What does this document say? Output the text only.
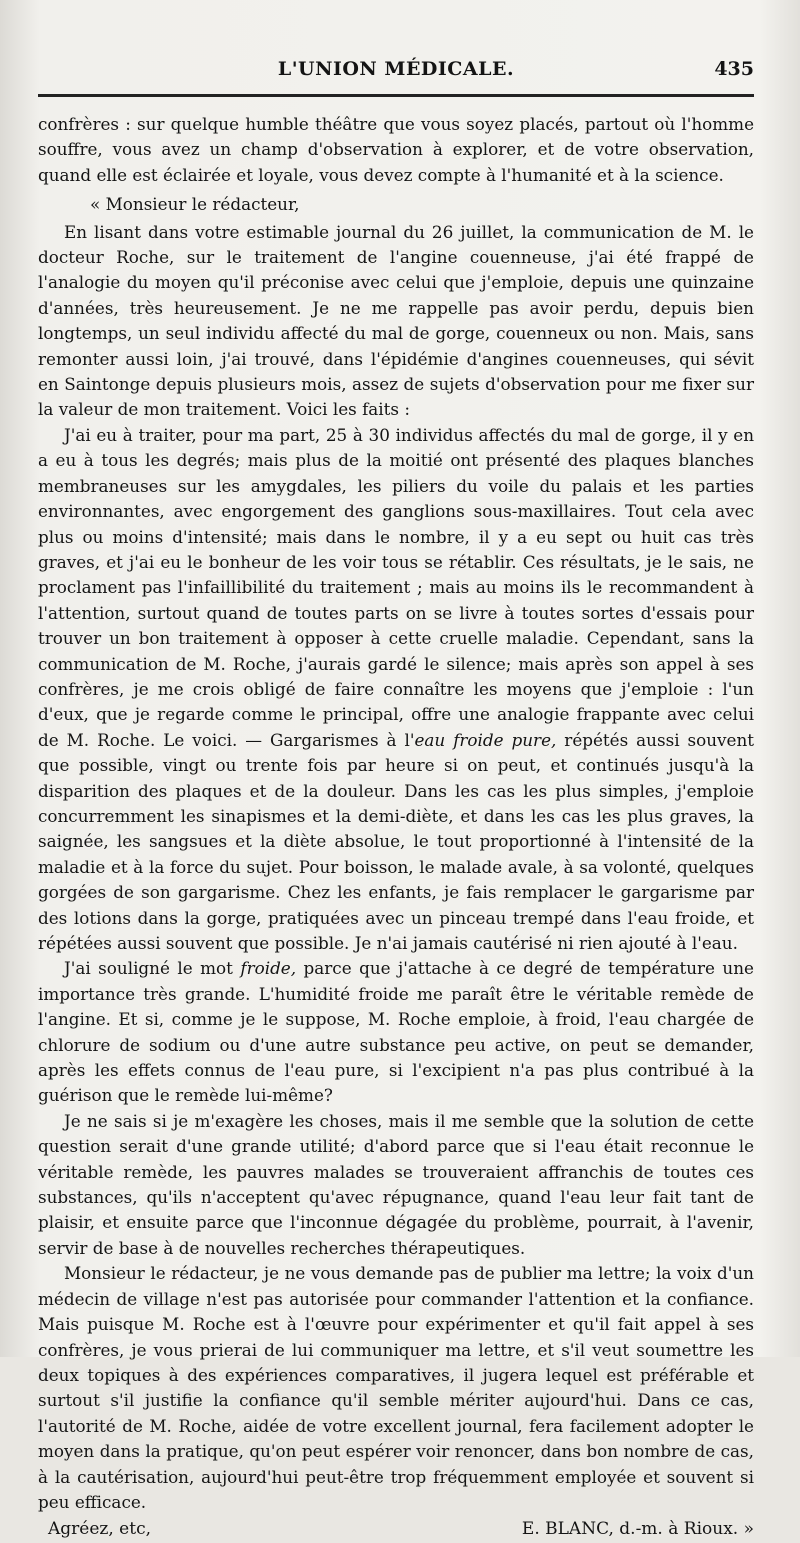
L'UNION MÉDICALE.	435

confrères : sur quelque humble théâtre que vous soyez placés, partout où l'homme souffre, vous avez un champ d'observation à explorer, et de votre observation, quand elle est éclairée et loyale, vous devez compte à l'humanité et à la science.

« Monsieur le rédacteur,

En lisant dans votre estimable journal du 26 juillet, la communication de M. le docteur Roche, sur le traitement de l'angine couenneuse, j'ai été frappé de l'analogie du moyen qu'il préconise avec celui que j'emploie, depuis une quinzaine d'années, très heureusement. Je ne me rappelle pas avoir perdu, depuis bien longtemps, un seul individu affecté du mal de gorge, couenneux ou non. Mais, sans remonter aussi loin, j'ai trouvé, dans l'épidémie d'angines couenneuses, qui sévit en Saintonge depuis plusieurs mois, assez de sujets d'observation pour me fixer sur la valeur de mon traitement. Voici les faits :

J'ai eu à traiter, pour ma part, 25 à 30 individus affectés du mal de gorge, il y en a eu à tous les degrés; mais plus de la moitié ont présenté des plaques blanches membraneuses sur les amygdales, les piliers du voile du palais et les parties environnantes, avec engorgement des ganglions sous-maxillaires. Tout cela avec plus ou moins d'intensité; mais dans le nombre, il y a eu sept ou huit cas très graves, et j'ai eu le bonheur de les voir tous se rétablir. Ces résultats, je le sais, ne proclament pas l'infaillibilité du traitement ; mais au moins ils le recommandent à l'attention, surtout quand de toutes parts on se livre à toutes sortes d'essais pour trouver un bon traitement à opposer à cette cruelle maladie. Cependant, sans la communication de M. Roche, j'aurais gardé le silence; mais après son appel à ses confrères, je me crois obligé de faire connaître les moyens que j'emploie : l'un d'eux, que je regarde comme le principal, offre une analogie frappante avec celui de M. Roche. Le voici. — Gargarismes à l'eau froide pure, répétés aussi souvent que possible, vingt ou trente fois par heure si on peut, et continués jusqu'à la disparition des plaques et de la douleur. Dans les cas les plus simples, j'emploie concurremment les sinapismes et la demi-diète, et dans les cas les plus graves, la saignée, les sangsues et la diète absolue, le tout proportionné à l'intensité de la maladie et à la force du sujet. Pour boisson, le malade avale, à sa volonté, quelques gorgées de son gargarisme. Chez les enfants, je fais remplacer le gargarisme par des lotions dans la gorge, pratiquées avec un pinceau trempé dans l'eau froide, et répétées aussi souvent que possible. Je n'ai jamais cautérisé ni rien ajouté à l'eau.

J'ai souligné le mot froide, parce que j'attache à ce degré de température une importance très grande. L'humidité froide me paraît être le véritable remède de l'angine. Et si, comme je le suppose, M. Roche emploie, à froid, l'eau chargée de chlorure de sodium ou d'une autre substance peu active, on peut se demander, après les effets connus de l'eau pure, si l'excipient n'a pas plus contribué à la guérison que le remède lui-même?

Je ne sais si je m'exagère les choses, mais il me semble que la solution de cette question serait d'une grande utilité; d'abord parce que si l'eau était reconnue le véritable remède, les pauvres malades se trouveraient affranchis de toutes ces substances, qu'ils n'acceptent qu'avec répugnance, quand l'eau leur fait tant de plaisir, et ensuite parce que l'inconnue dégagée du problème, pourrait, à l'avenir, servir de base à de nouvelles recherches thérapeutiques.

Monsieur le rédacteur, je ne vous demande pas de publier ma lettre; la voix d'un médecin de village n'est pas autorisée pour commander l'attention et la confiance. Mais puisque M. Roche est à l'œuvre pour expérimenter et qu'il fait appel à ses confrères, je vous prierai de lui communiquer ma lettre, et s'il veut soumettre les deux topiques à des expériences comparatives, il jugera lequel est préférable et surtout s'il justifie la confiance qu'il semble mériter aujourd'hui. Dans ce cas, l'autorité de M. Roche, aidée de votre excellent journal, fera facilement adopter le moyen dans la pratique, qu'on peut espérer voir renoncer, dans bon nombre de cas, à la cautérisation, aujourd'hui peut-être trop fréquemment employée et souvent si peu efficace.

Agréez, etc,	E. BLANC, d.-m. à Rioux. »
